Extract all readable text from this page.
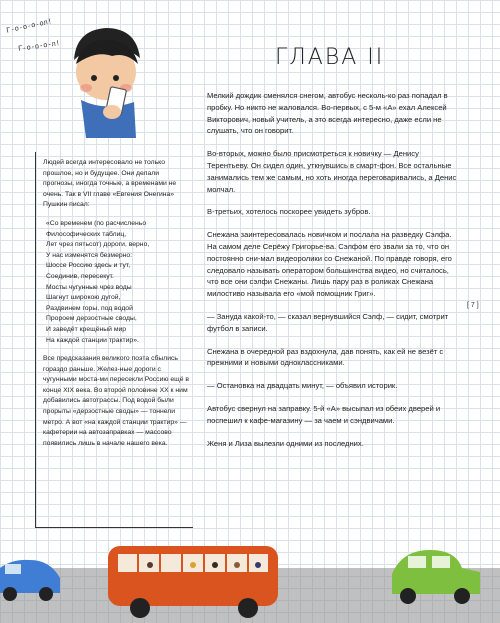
Г-о-о-о-ол!
Г-о-о-о-л!	ГЛАВА II

Людей всегда интересовало не только прошлое, но и будущее. Они делали прогнозы, иногда точные, а временами не очень. Так в VII главе «Евгения Онегина» Пушкин писал:

«Со временем (по расчисленьо
Философических таблиц,
Лет чрез пятьсот) дороги, верно,
У нас изменятся безмерно:
Шоссе Россию здесь и тут,
Соединив, пересекут.
Мосты чугунные чрез воды
Шагнут широкою дугой,
Раздвинем горы, под водой
Пророем дерзостные своды,
И заведёт крещёный мир
На каждой станции трактир».

Все предсказания великого поэта сбылись гораздо раньше. Желез-ные дороги с чугунными моста-ми пересекли Россию ещё в конце XIX века. Во второй половине XX к ним добавились автотрассы. Под водой были прорыты «дерзостные своды» — тоннели метро. А вот «на каждой станции трактир» — кафетерии на автозаправках — массово появились лишь в начале нашего века.

Мелкий дождик сменялся снегом, автобус несколь-ко раз попадал в пробку. Но никто не жаловался. Во-первых, с 5-м «А» ехал Алексей Викторович, новый учитель, а это всегда интересно, даже если не слушать, что он говорит.

Во-вторых, можно было присмотреться к новичку — Денису Терентьеву. Он сидел один, уткнувшись в смарт-фон. Все остальные занимались тем же самым, но хоть иногда переговаривались, а Денис молчал.

В-третьих, хотелось поскорее увидеть зубров.

Снежана заинтересовалась новичком и послала на разведку Сэлфа. На самом деле Серёжу Григорье-ва. Сэлфом его звали за то, что он постоянно сни-мал видеоролики со Снежаной. По правде говоря, его следовало называть оператором большинства видео, но считалось, что все они сэлфи Снежаны. Лишь пару раз в роликах Снежана милостиво называла его «мой помощник Григ».

— Зануда какой-то, — сказал вернувшийся Сэлф, — сидит, смотрит футбол в записи.

Снежана в очередной раз вздохнула, дав понять, как ей не везёт с прежними и новыми одноклассниками.

— Остановка на двадцать минут, — объявил историк.

Автобус свернул на заправку. 5-й «А» высыпал из обеих дверей и поспешил к кафе-магазину — за чаем и сэндвичами.

Женя и Лиза вылезли одними из последних.

[ 7 ]
